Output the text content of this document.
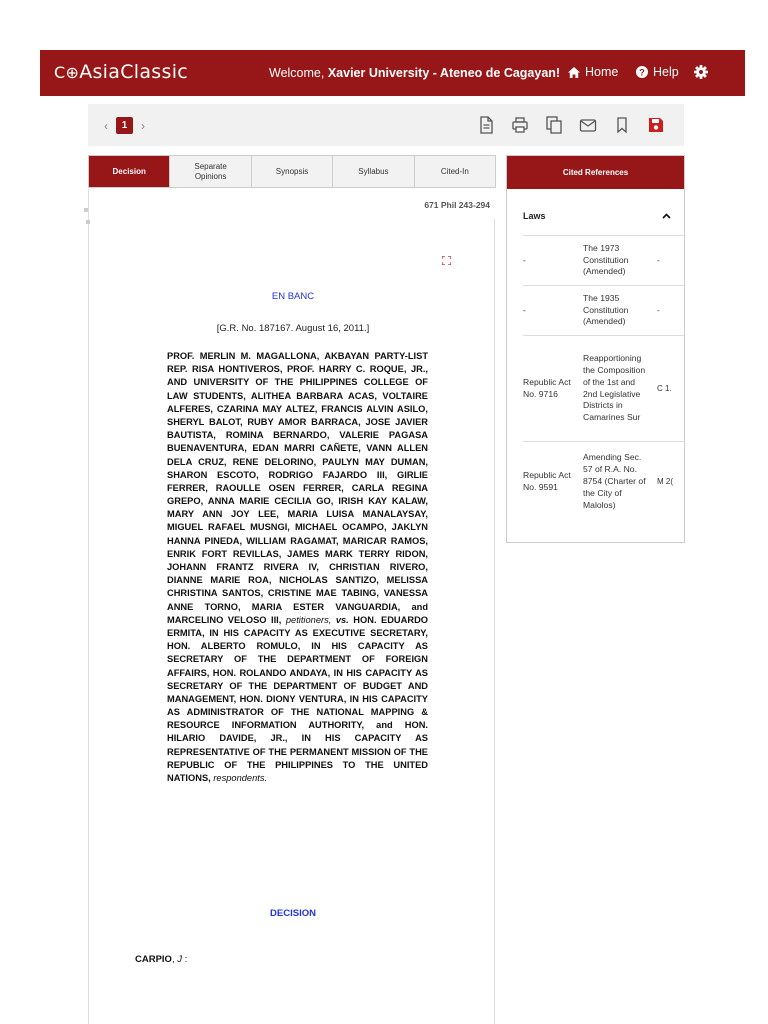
C⊕AsiaClassic	Welcome, Xavier University - Ateneo de Cagayan! Home ? Help
‹	1	›
Decision
Separate Opinions
Synopsis	Syllabus	Cited-In
671 Phil 243-294
EN BANC
[G.R. No. 187167. August 16, 2011.]
PROF. MERLIN M. MAGALLONA, AKBAYAN PARTY-LIST REP. RISA HONTIVEROS, PROF. HARRY C. ROQUE, JR., AND UNIVERSITY OF THE PHILIPPINES COLLEGE OF LAW STUDENTS, ALITHEA BARBARA ACAS, VOLTAIRE ALFERES, CZARINA MAY ALTEZ, FRANCIS ALVIN ASILO, SHERYL BALOT, RUBY AMOR BARRACA, JOSE JAVIER BAUTISTA, ROMINA BERNARDO, VALERIE PAGASA BUENAVENTURA, EDAN MARRI CAÑETE, VANN ALLEN DELA CRUZ, RENE DELORINO, PAULYN MAY DUMAN, SHARON ESCOTO, RODRIGO FAJARDO III, GIRLIE FERRER, RAOULLE OSEN FERRER, CARLA REGINA GREPO, ANNA MARIE CECILIA GO, IRISH KAY KALAW, MARY ANN JOY LEE, MARIA LUISA MANALAYSAY, MIGUEL RAFAEL MUSNGI, MICHAEL OCAMPO, JAKLYN HANNA PINEDA, WILLIAM RAGAMAT, MARICAR RAMOS, ENRIK FORT REVILLAS, JAMES MARK TERRY RIDON, JOHANN FRANTZ RIVERA IV, CHRISTIAN RIVERO, DIANNE MARIE ROA, NICHOLAS SANTIZO, MELISSA CHRISTINA SANTOS, CRISTINE MAE TABING, VANESSA ANNE TORNO, MARIA ESTER VANGUARDIA, and MARCELINO VELOSO III, petitioners, vs. HON. EDUARDO ERMITA, IN HIS CAPACITY AS EXECUTIVE SECRETARY, HON. ALBERTO ROMULO, IN HIS CAPACITY AS SECRETARY OF THE DEPARTMENT OF FOREIGN AFFAIRS, HON. ROLANDO ANDAYA, IN HIS CAPACITY AS SECRETARY OF THE DEPARTMENT OF BUDGET AND MANAGEMENT, HON. DIONY VENTURA, IN HIS CAPACITY AS ADMINISTRATOR OF THE NATIONAL MAPPING & RESOURCE INFORMATION AUTHORITY, and HON. HILARIO DAVIDE, JR., IN HIS CAPACITY AS REPRESENTATIVE OF THE PERMANENT MISSION OF THE REPUBLIC OF THE PHILIPPINES TO THE UNITED NATIONS, respondents.
DECISION
CARPIO, J :
Cited References
Laws
-	The 1973 Constitution (Amended)	-
-	The 1935 Constitution (Amended)	-
Republic Act No. 9716	Reapportioning the Composition of the 1st and 2nd Legislative Districts in Camarines Sur	C 1.
Republic Act No. 9591	Amending Sec. 57 of R.A. No. 8754 (Charter of the City of Malolos)	M 2(
